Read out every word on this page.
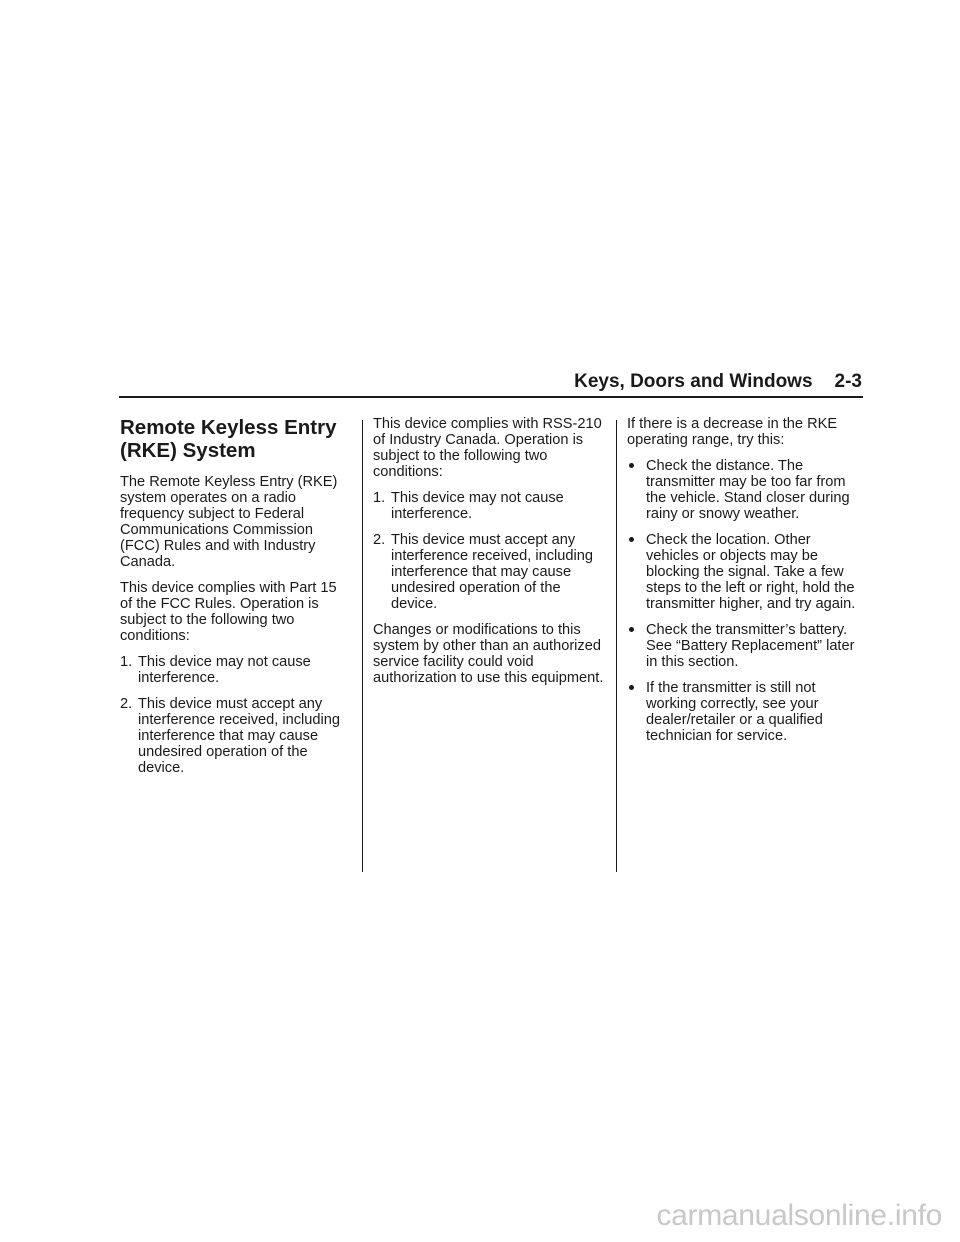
Keys, Doors and Windows 2-3
Remote Keyless Entry (RKE) System

The Remote Keyless Entry (RKE) system operates on a radio frequency subject to Federal Communications Commission (FCC) Rules and with Industry Canada.

This device complies with Part 15 of the FCC Rules. Operation is subject to the following two conditions:

1. This device may not cause interference.
2. This device must accept any interference received, including interference that may cause undesired operation of the device.

This device complies with RSS-210 of Industry Canada. Operation is subject to the following two conditions:

1. This device may not cause interference.
2. This device must accept any interference received, including interference that may cause undesired operation of the device.

Changes or modifications to this system by other than an authorized service facility could void authorization to use this equipment.

If there is a decrease in the RKE operating range, try this:

Check the distance. The transmitter may be too far from the vehicle. Stand closer during rainy or snowy weather.
Check the location. Other vehicles or objects may be blocking the signal. Take a few steps to the left or right, hold the transmitter higher, and try again.
Check the transmitter’s battery. See “Battery Replacement” later in this section.
If the transmitter is still not working correctly, see your dealer/retailer or a qualified technician for service.
carmanualsonline.info
